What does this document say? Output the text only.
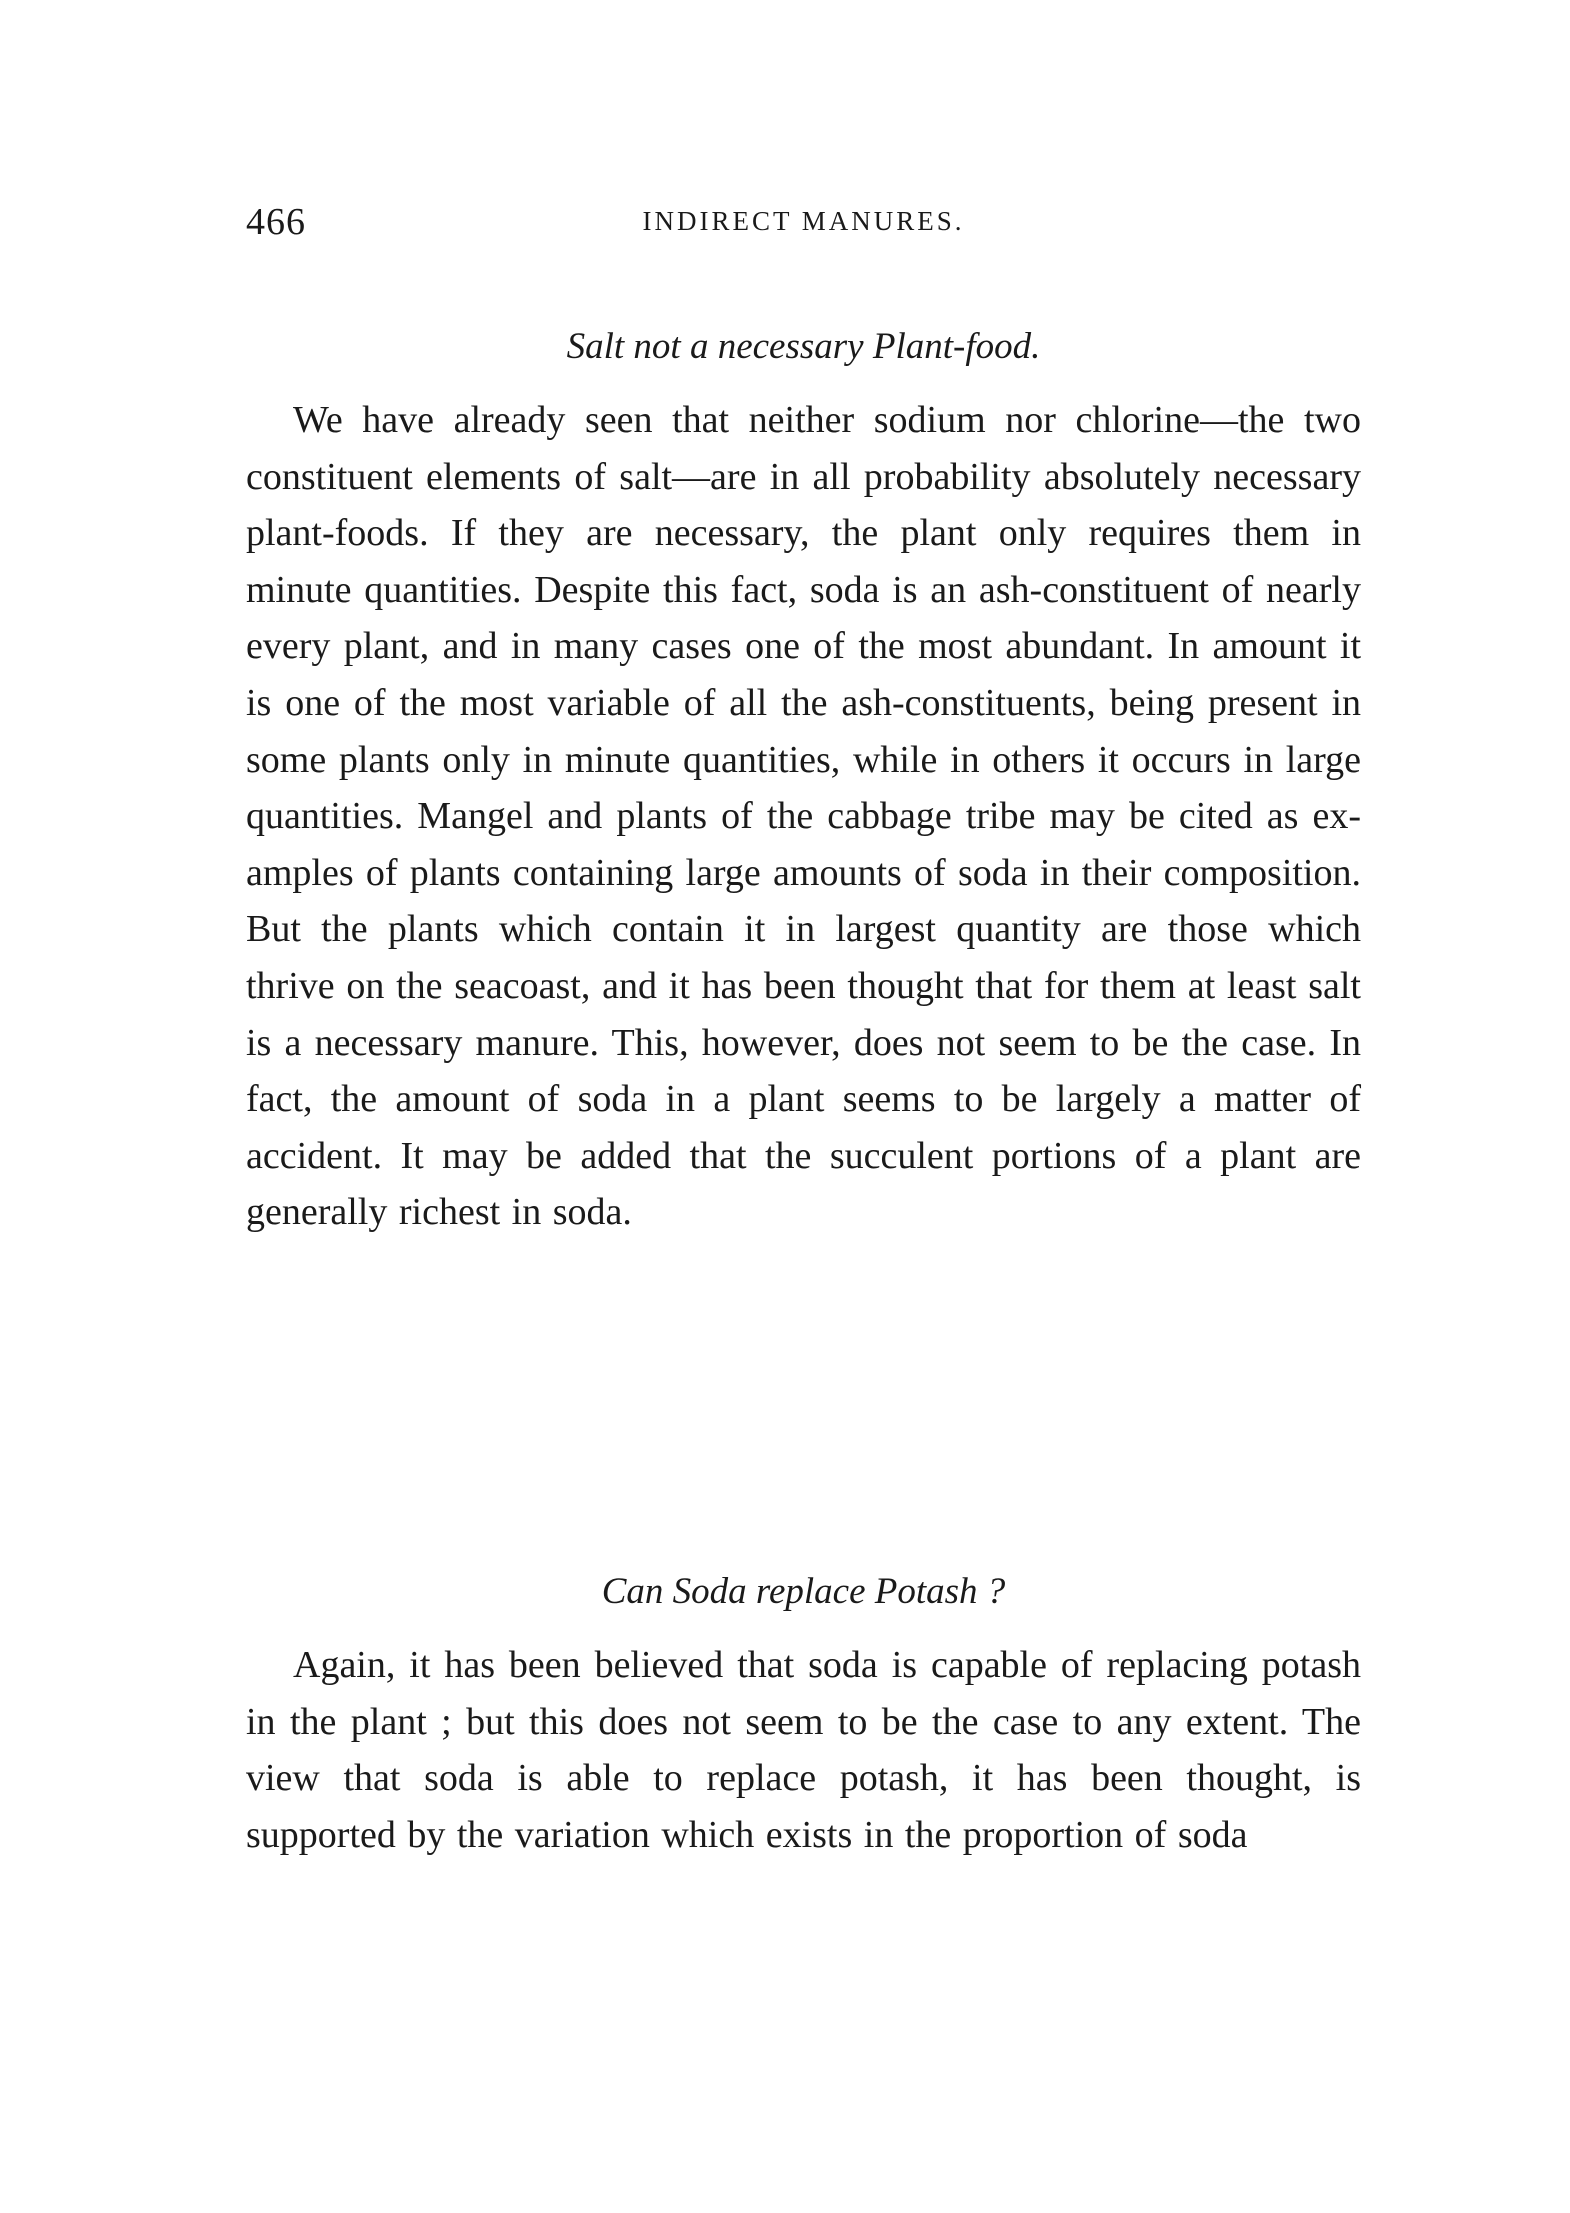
466	INDIRECT MANURES.
Salt not a necessary Plant-food.

We have already seen that neither sodium nor chlorine—the two constituent elements of salt—are in all probability absolutely necessary plant-foods. If they are necessary, the plant only requires them in minute quantities. Despite this fact, soda is an ash-constituent of nearly every plant, and in many cases one of the most abundant. In amount it is one of the most variable of all the ash-constituents, being present in some plants only in minute quantities, while in others it occurs in large quantities. Mangel and plants of the cabbage tribe may be cited as examples of plants containing large amounts of soda in their composition. But the plants which contain it in largest quantity are those which thrive on the seacoast, and it has been thought that for them at least salt is a necessary manure. This, however, does not seem to be the case. In fact, the amount of soda in a plant seems to be largely a matter of accident. It may be added that the succulent portions of a plant are generally richest in soda.

Can Soda replace Potash ?

Again, it has been believed that soda is capable of replacing potash in the plant ; but this does not seem to be the case to any extent. The view that soda is able to replace potash, it has been thought, is supported by the variation which exists in the proportion of soda
